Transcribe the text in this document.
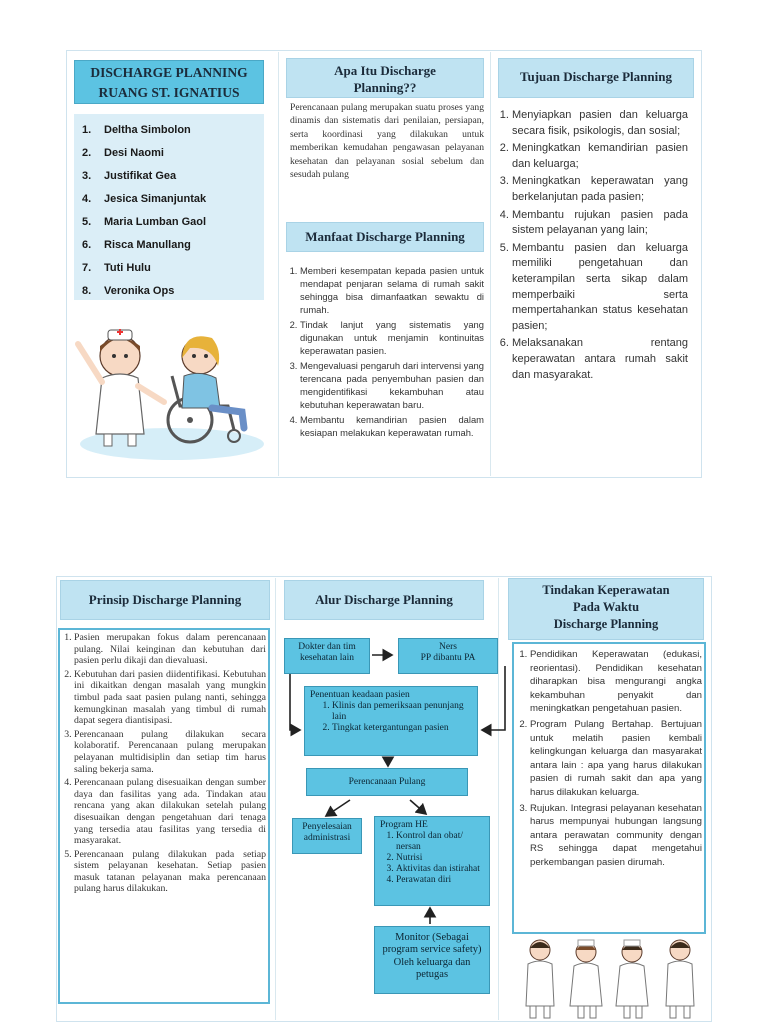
DISCHARGE PLANNING
RUANG ST. IGNATIUS
1. Deltha Simbolon
2. Desi Naomi
3. Justifikat Gea
4. Jesica Simanjuntak
5. Maria Lumban Gaol
6. Risca Manullang
7. Tuti Hulu
8. Veronika Ops
Apa Itu Discharge
Planning??
Perencanaan pulang merupakan suatu proses yang dinamis dan sistematis dari penilaian, persiapan, serta koordinasi yang dilakukan untuk memberikan kemudahan pengawasan pelayanan kesehatan dan pelayanan sosial sebelum dan sesudah pulang
Manfaat Discharge Planning
1. Memberi kesempatan kepada pasien untuk mendapat penjaran selama di rumah sakit sehingga bisa dimanfaatkan sewaktu di rumah.
2. Tindak lanjut yang sistematis yang digunakan untuk menjamin kontinuitas keperawatan pasien.
3. Mengevaluasi pengaruh dari intervensi yang terencana pada penyembuhan pasien dan mengidentifikasi kekambuhan atau kebutuhan keperawatan baru.
4. Membantu kemandirian pasien dalam kesiapan melakukan keperawatan rumah.
Tujuan Discharge Planning
1. Menyiapkan pasien dan keluarga secara fisik, psikologis, dan sosial;
2. Meningkatkan kemandirian pasien dan keluarga;
3. Meningkatkan keperawatan yang berkelanjutan pada pasien;
4. Membantu rujukan pasien pada sistem pelayanan yang lain;
5. Membantu pasien dan keluarga memiliki pengetahuan dan keterampilan serta sikap dalam memperbaiki serta mempertahankan status kesehatan pasien;
6. Melaksanakan rentang keperawatan antara rumah sakit dan masyarakat.
Prinsip Discharge Planning
1. Pasien merupakan fokus dalam perencanaan pulang. Nilai keinginan dan kebutuhan dari pasien perlu dikaji dan dievaluasi.
2. Kebutuhan dari pasien diidentifikasi. Kebutuhan ini dikaitkan dengan masalah yang mungkin timbul pada saat pasien pulang nanti, sehingga kemungkinan masalah yang timbul di rumah dapat segera diantisipasi.
3. Perencanaan pulang dilakukan secara kolaboratif. Perencanaan pulang merupakan pelayanan multidisiplin dan setiap tim harus saling bekerja sama.
4. Perencanaan pulang disesuaikan dengan sumber daya dan fasilitas yang ada. Tindakan atau rencana yang akan dilakukan setelah pulang disesuaikan dengan pengetahuan dari tenaga yang tersedia atau fasilitas yang tersedia di masyarakat.
5. Perencanaan pulang dilakukan pada setiap sistem pelayanan kesehatan. Setiap pasien masuk tatanan pelayanan maka perencanaan pulang harus dilakukan.
Alur Discharge Planning
Dokter dan tim kesehatan lain
Ners
PP dibantu PA
Penentuan keadaan pasien
1. Klinis dan pemeriksaan penunjang lain
2. Tingkat ketergantungan pasien
Perencanaan Pulang
Penyelesaian administrasi
Program HE
1. Kontrol dan obat/ nersan
2. Nutrisi
3. Aktivitas dan istirahat
4. Perawatan diri
Monitor (Sebagai program service safety) Oleh keluarga dan petugas
Tindakan Keperawatan
Pada Waktu
Discharge Planning
1. Pendidikan Keperawatan (edukasi, reorientasi). Pendidikan kesehatan diharapkan bisa mengurangi angka kekambuhan penyakit dan meningkatkan pengetahuan pasien.
2. Program Pulang Bertahap. Bertujuan untuk melatih pasien kembali kelingkungan keluarga dan masyarakat antara lain : apa yang harus dilakukan pasien di rumah sakit dan apa yang harus dilakukan keluarga.
3. Rujukan. Integrasi pelayanan kesehatan harus mempunyai hubungan langsung antara perawatan community dengan RS sehingga dapat mengetahui perkembangan pasien dirumah.
